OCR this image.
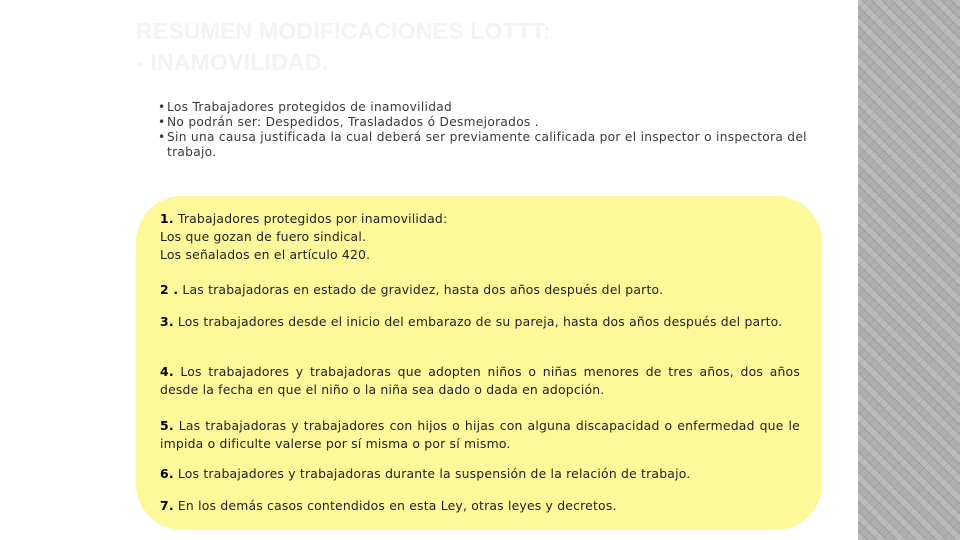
RESUMEN MODIFICACIONES LOTTT:
- INAMOVILIDAD.
• Los Trabajadores protegidos de inamovilidad
• No podrán ser: Despedidos, Trasladados ó Desmejorados .
• Sin una causa justificada la cual deberá ser previamente calificada por el inspector o inspectora del trabajo.
1. Trabajadores protegidos por inamovilidad:
Los que gozan de fuero sindical.
Los señalados en el artículo 420.
2 . Las trabajadoras en estado de gravidez, hasta dos años después del parto.
3. Los trabajadores desde el inicio del embarazo de su pareja, hasta dos años después del parto.
4. Los trabajadores y trabajadoras que adopten niños o niñas menores de tres años, dos años desde la fecha en que el niño o la niña sea dado o dada en adopción.
5. Las trabajadoras y trabajadores con hijos o hijas con alguna discapacidad o enfermedad que le impida o dificulte valerse por sí misma o por sí mismo.
6. Los trabajadores y trabajadoras durante la suspensión de la relación de trabajo.
7. En los demás casos contendidos en esta Ley, otras leyes y decretos.
